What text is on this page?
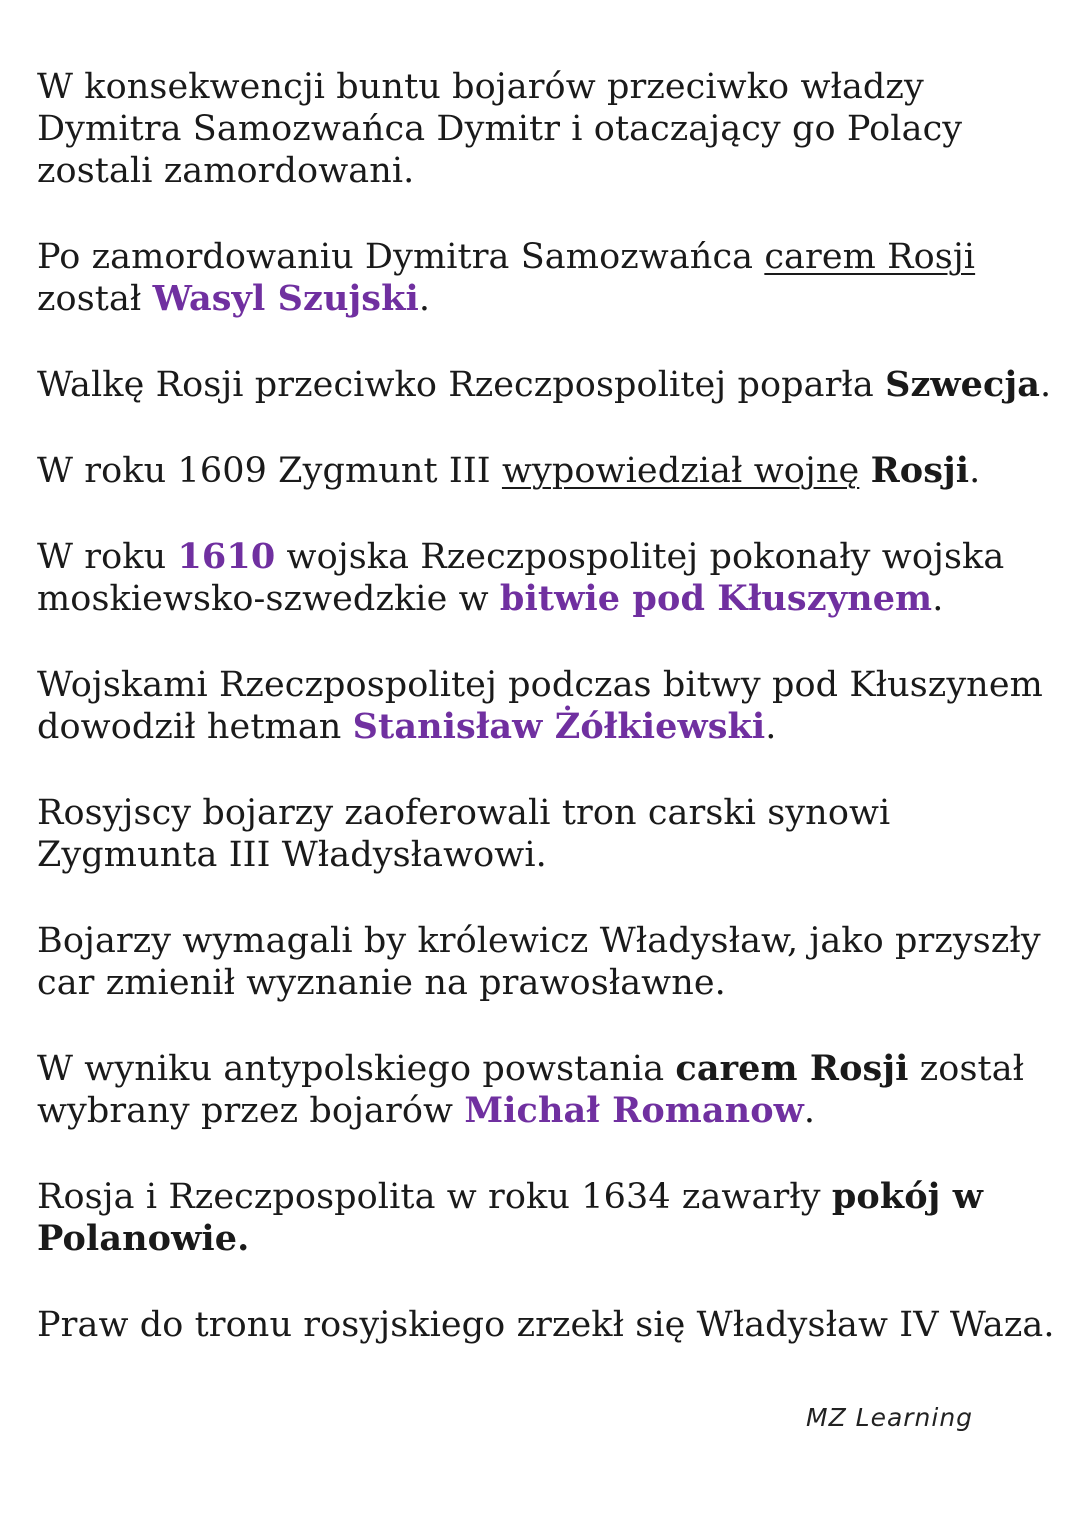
W konsekwencji buntu bojarów przeciwko władzy
Dymitra Samozwańca Dymitr i otaczający go Polacy
zostali zamordowani.

Po zamordowaniu Dymitra Samozwańca carem Rosji
został Wasyl Szujski.

Walkę Rosji przeciwko Rzeczpospolitej poparła Szwecja.

W roku 1609 Zygmunt III wypowiedział wojnę Rosji.

W roku 1610 wojska Rzeczpospolitej pokonały wojska
moskiewsko-szwedzkie w bitwie pod Kłuszynem.

Wojskami Rzeczpospolitej podczas bitwy pod Kłuszynem
dowodził hetman Stanisław Żółkiewski.

Rosyjscy bojarzy zaoferowali tron carski synowi
Zygmunta III Władysławowi.

Bojarzy wymagali by królewicz Władysław, jako przyszły
car zmienił wyznanie na prawosławne.

W wyniku antypolskiego powstania carem Rosji został
wybrany przez bojarów Michał Romanow.

Rosja i Rzeczpospolita w roku 1634 zawarły pokój w
Polanowie.

Praw do tronu rosyjskiego zrzekł się Władysław IV Waza.

MZ Learning
